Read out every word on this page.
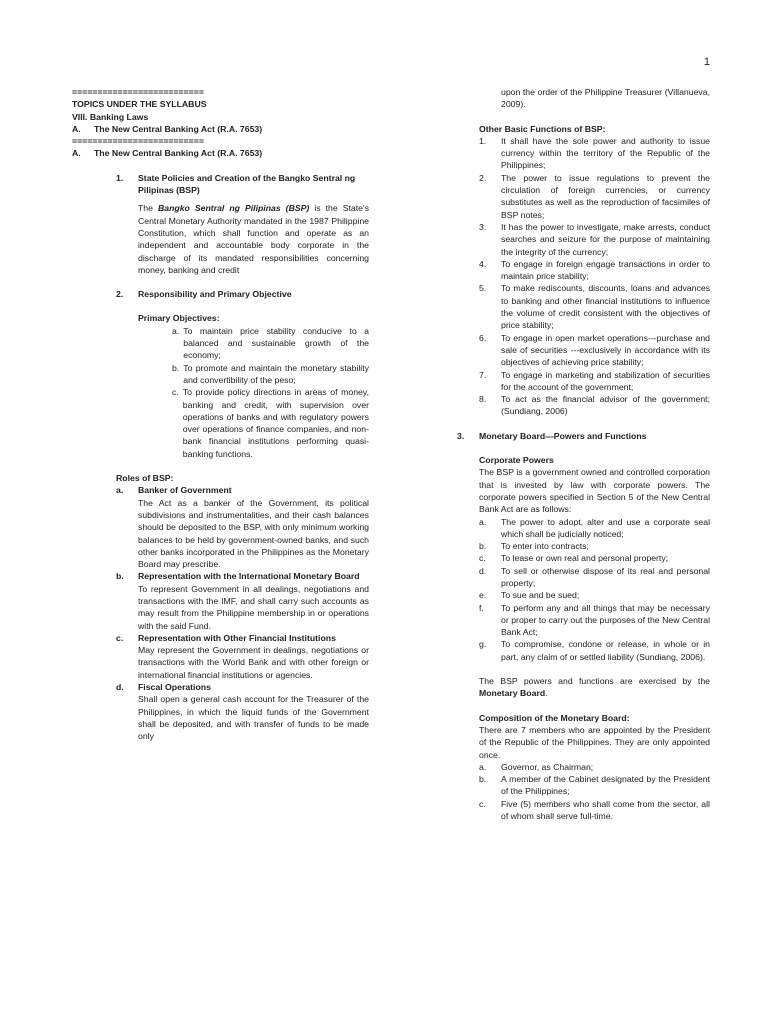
1

==========================

TOPICS UNDER THE SYLLABUS

VIII. Banking Laws

A.	The New Central Banking Act (R.A. 7653)

==========================

A.	The New Central Banking Act (R.A. 7653)
1.	State Policies and Creation of the Bangko Sentral ng Pilipinas (BSP)

The Bangko Sentral ng Pilipinas (BSP) is the State's Central Monetary Authority mandated in the 1987 Philippine Constitution, which shall function and operate as an independent and accountable body corporate in the discharge of its mandated responsibilities concerning money, banking and credit

2.	Responsibility and Primary Objective

Primary Objectives:

a. To maintain price stability conducive to a balanced and sustainable growth of the economy;
b. To promote and maintain the monetary stability and convertibility of the peso;
c. To provide policy directions in areas of money, banking and credit, with supervision over operations of banks and with regulatory powers over operations of finance companies, and non-bank financial institutions performing quasi-banking functions.

Roles of BSP:

a.	Banker of Government

The Act as a banker of the Government, its political subdivisions and instrumentalities, and their cash balances should be deposited to the BSP, with only minimum working balances to be held by government-owned banks, and such other banks incorporated in the Philippines as the Monetary Board may prescribe.

b.	Representation with the International Monetary Board

To represent Government in all dealings, negotiations and transactions with the IMF, and shall carry such accounts as may result from the Philippine membership in or operations with the said Fund.

c.	Representation with Other Financial Institutions

May represent the Government in dealings, negotiations or transactions with the World Bank and with other foreign or international financial institutions or agencies.

d.	Fiscal Operations

Shall open a general cash account for the Treasurer of the Philippines, in which the liquid funds of the Government shall be deposited, and with transfer of funds to be made only

upon the order of the Philippine Treasurer (Villanueva, 2009).

Other Basic Functions of BSP:

1.	It shall have the sole power and authority to issue currency within the territory of the Republic of the Philippines;
2.	The power to issue regulations to prevent the circulation of foreign currencies, or currency substitutes as well as the reproduction of facsimiles of BSP notes;
3.	It has the power to investigate, make arrests, conduct searches and seizure for the purpose of maintaining the integrity of the currency;
4.	To engage in foreign engage transactions in order to maintain price stability;
5.	To make rediscounts, discounts, loans and advances to banking and other financial institutions to influence the volume of credit consistent with the objectives of price stability;
6.	To engage in open market operations---purchase and sale of securities ---exclusively in accordance with its objectives of achieving price stability;
7.	To engage in marketing and stabilization of securities for the account of the government;
8.	To act as the financial advisor of the government; (Sundiang, 2006)
3.	Monetary Board---Powers and Functions

Corporate Powers

The BSP is a government owned and controlled corporation that is invested by law with corporate powers. The corporate powers specified in Section 5 of the New Central Bank Act are as follows:

a.	The power to adopt, alter and use a corporate seal which shall be judicially noticed;
b.	To enter into contracts;
c.	To lease or own real and personal property;
d.	To sell or otherwise dispose of its real and personal property;
e.	To sue and be sued;
f.	To perform any and all things that may be necessary or proper to carry out the purposes of the New Central Bank Act;
g.	To compromise, condone or release, in whole or in part, any claim of or settled liability (Sundiang, 2006).

The BSP powers and functions are exercised by the Monetary Board.

Composition of the Monetary Board:

There are 7 members who are appointed by the President of the Republic of the Philippines. They are only appointed once.

a.	Governor, as Chairman;
b.	A member of the Cabinet designated by the President of the Philippines;
c.	Five (5) members who shall come from the sector, all of whom shall serve full-time.
